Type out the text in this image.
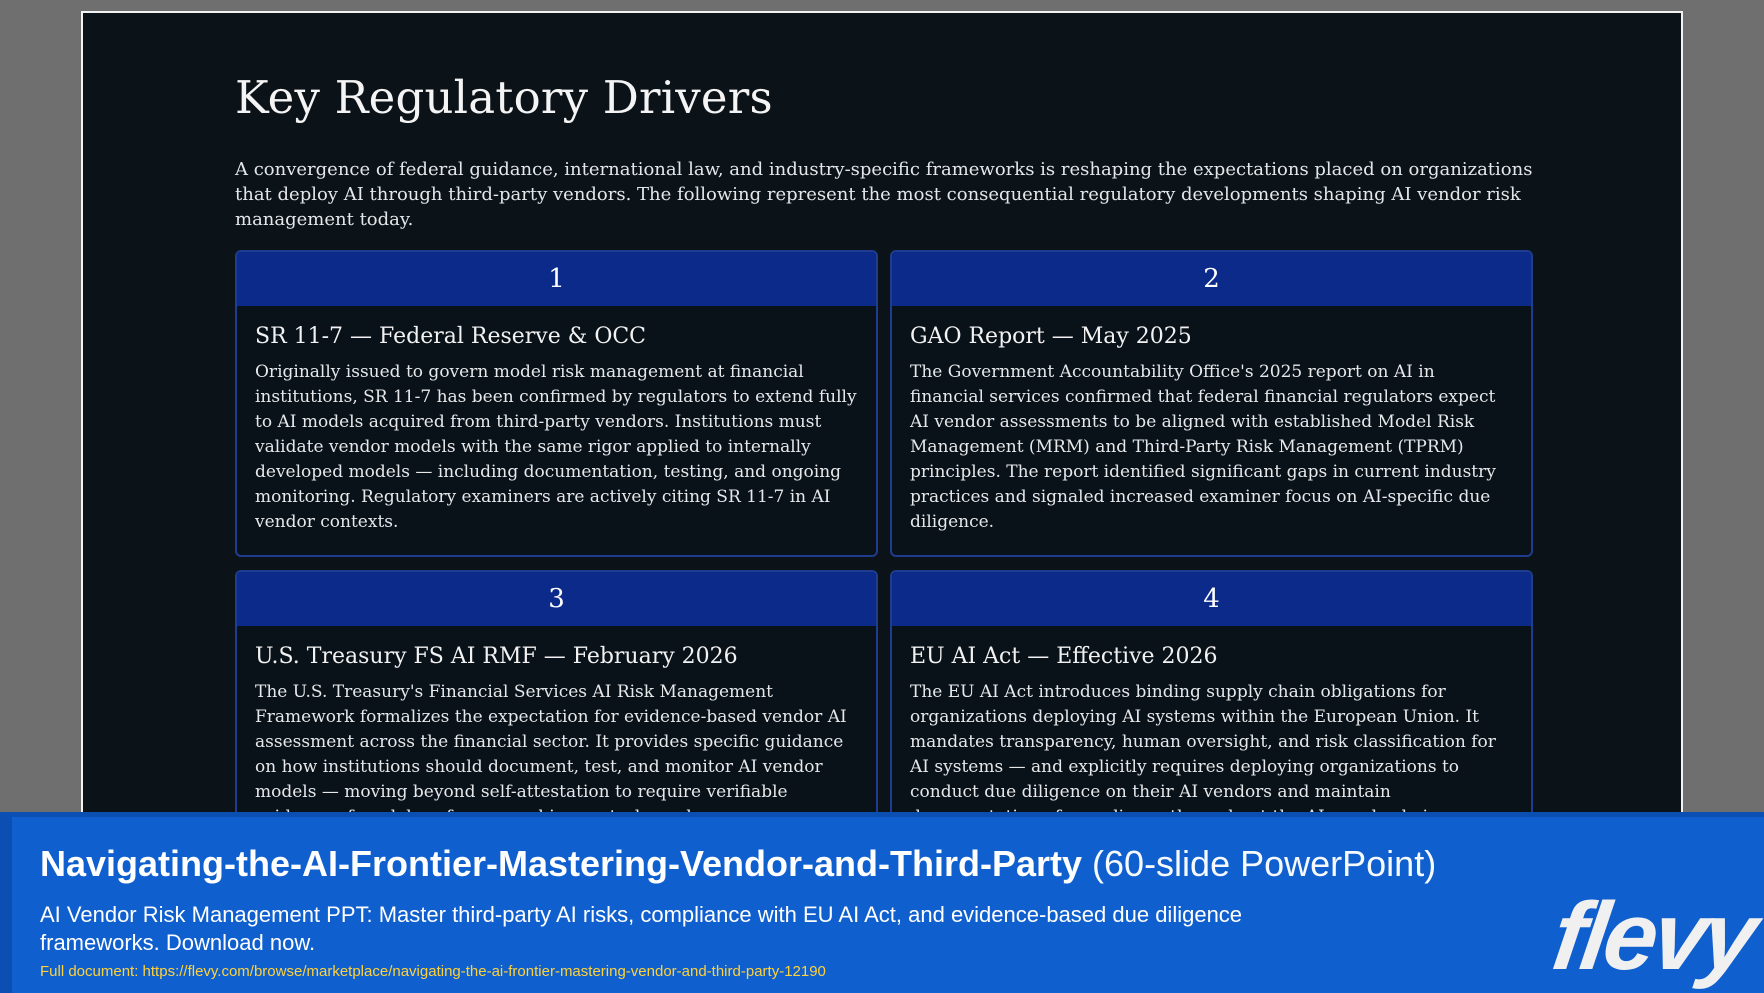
Key Regulatory Drivers

A convergence of federal guidance, international law, and industry-specific frameworks is reshaping the expectations placed on organizations that deploy AI through third-party vendors. The following represent the most consequential regulatory developments shaping AI vendor risk management today.

1
SR 11-7 — Federal Reserve & OCC
Originally issued to govern model risk management at financial institutions, SR 11-7 has been confirmed by regulators to extend fully to AI models acquired from third-party vendors. Institutions must validate vendor models with the same rigor applied to internally developed models — including documentation, testing, and ongoing monitoring. Regulatory examiners are actively citing SR 11-7 in AI vendor contexts.
2
GAO Report — May 2025
The Government Accountability Office's 2025 report on AI in financial services confirmed that federal financial regulators expect AI vendor assessments to be aligned with established Model Risk Management (MRM) and Third-Party Risk Management (TPRM) principles. The report identified significant gaps in current industry practices and signaled increased examiner focus on AI-specific due diligence.
3
U.S. Treasury FS AI RMF — February 2026
The U.S. Treasury's Financial Services AI Risk Management Framework formalizes the expectation for evidence-based vendor AI assessment across the financial sector. It provides specific guidance on how institutions should document, test, and monitor AI vendor models — moving beyond self-attestation to require verifiable
4
EU AI Act — Effective 2026
The EU AI Act introduces binding supply chain obligations for organizations deploying AI systems within the European Union. It mandates transparency, human oversight, and risk classification for AI systems — and explicitly requires deploying organizations to conduct due diligence on their AI vendors and maintain
Navigating-the-AI-Frontier-Mastering-Vendor-and-Third-Party (60-slide PowerPoint)

AI Vendor Risk Management PPT: Master third-party AI risks, compliance with EU AI Act, and evidence-based due diligence frameworks. Download now.

Full document: https://flevy.com/browse/marketplace/navigating-the-ai-frontier-mastering-vendor-and-third-party-12190	flevy
